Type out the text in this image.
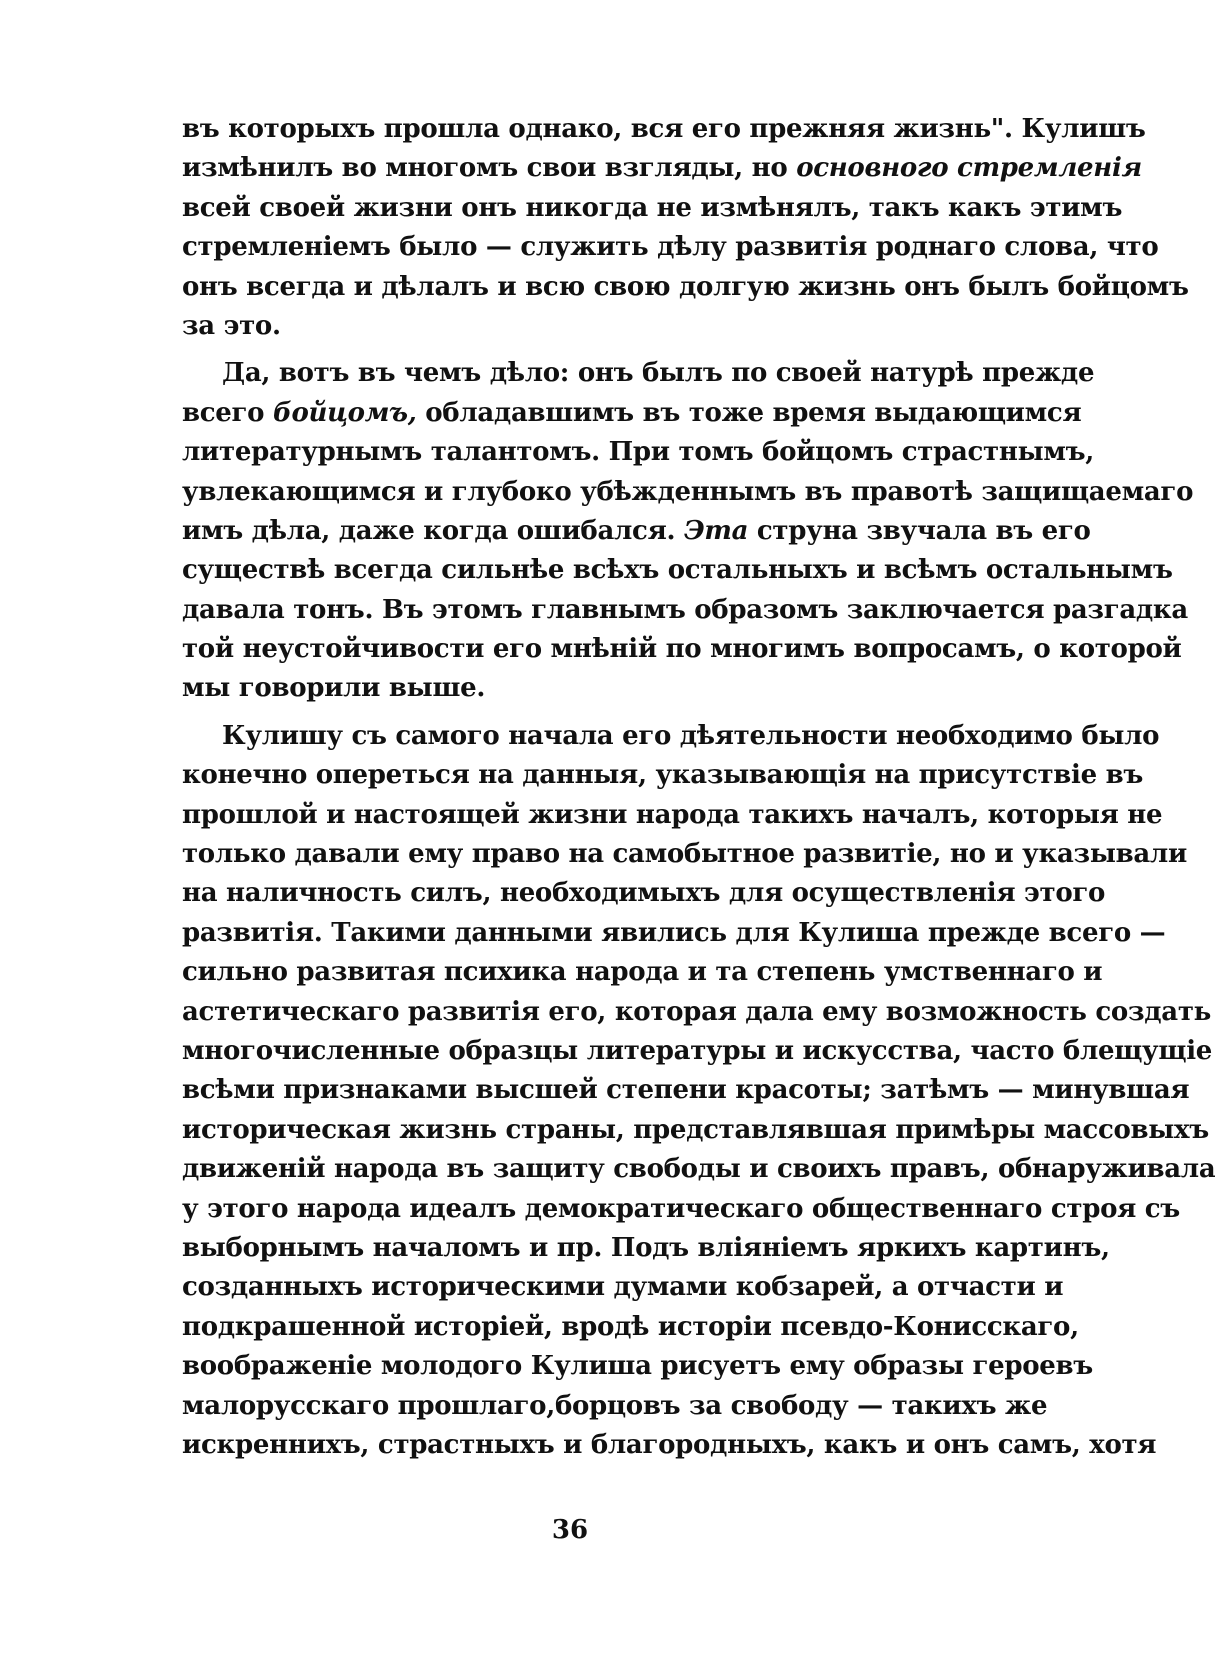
въ которыхъ прошла однако, вся его прежняя жизнь". Кулишъ
измѣнилъ во многомъ свои взгляды, но основного стремленія
всей своей жизни онъ никогда не измѣнялъ, такъ какъ этимъ
стремленіемъ было — служить дѣлу развитія роднаго слова, что
онъ всегда и дѣлалъ и всю свою долгую жизнь онъ былъ бойцомъ
за это.
Да, вотъ въ чемъ дѣло: онъ былъ по своей натурѣ прежде
всего бойцомъ, обладавшимъ въ тоже время выдающимся
литературнымъ талантомъ. При томъ бойцомъ страстнымъ,
увлекающимся и глубоко убѣжденнымъ въ правотѣ защищаемаго
имъ дѣла, даже когда ошибался. Эта струна звучала въ его
существѣ всегда сильнѣе всѣхъ остальныхъ и всѣмъ остальнымъ
давала тонъ. Въ этомъ главнымъ образомъ заключается разгадка
той неустойчивости его мнѣній по многимъ вопросамъ, о которой
мы говорили выше.
Кулишу съ самого начала его дѣятельности необходимо было
конечно опереться на данныя, указывающія на присутствіе въ
прошлой и настоящей жизни народа такихъ началъ, которыя не
только давали ему право на самобытное развитіе, но и указывали
на наличность силъ, необходимыхъ для осуществленія этого
развитія. Такими данными явились для Кулиша прежде всего —
сильно развитая психика народа и та степень умственнаго и
астетическаго развитія его, которая дала ему возможность создать
многочисленные образцы литературы и искусства, часто блещущіе
всѣми признаками высшей степени красоты; затѣмъ — минувшая
историческая жизнь страны, представлявшая примѣры массовыхъ
движеній народа въ защиту свободы и своихъ правъ, обнаруживала
у этого народа идеалъ демократическаго общественнаго строя съ
выборнымъ началомъ и пр. Подъ вліяніемъ яркихъ картинъ,
созданныхъ историческими думами кобзарей, а отчасти и
подкрашенной исторіей, вродѣ исторіи псевдо-Конисскаго,
воображеніе молодого Кулиша рисуетъ ему образы героевъ
малорусскаго прошлаго,борцовъ за свободу — такихъ же
искреннихъ, страстныхъ и благородныхъ, какъ и онъ самъ, хотя
36
